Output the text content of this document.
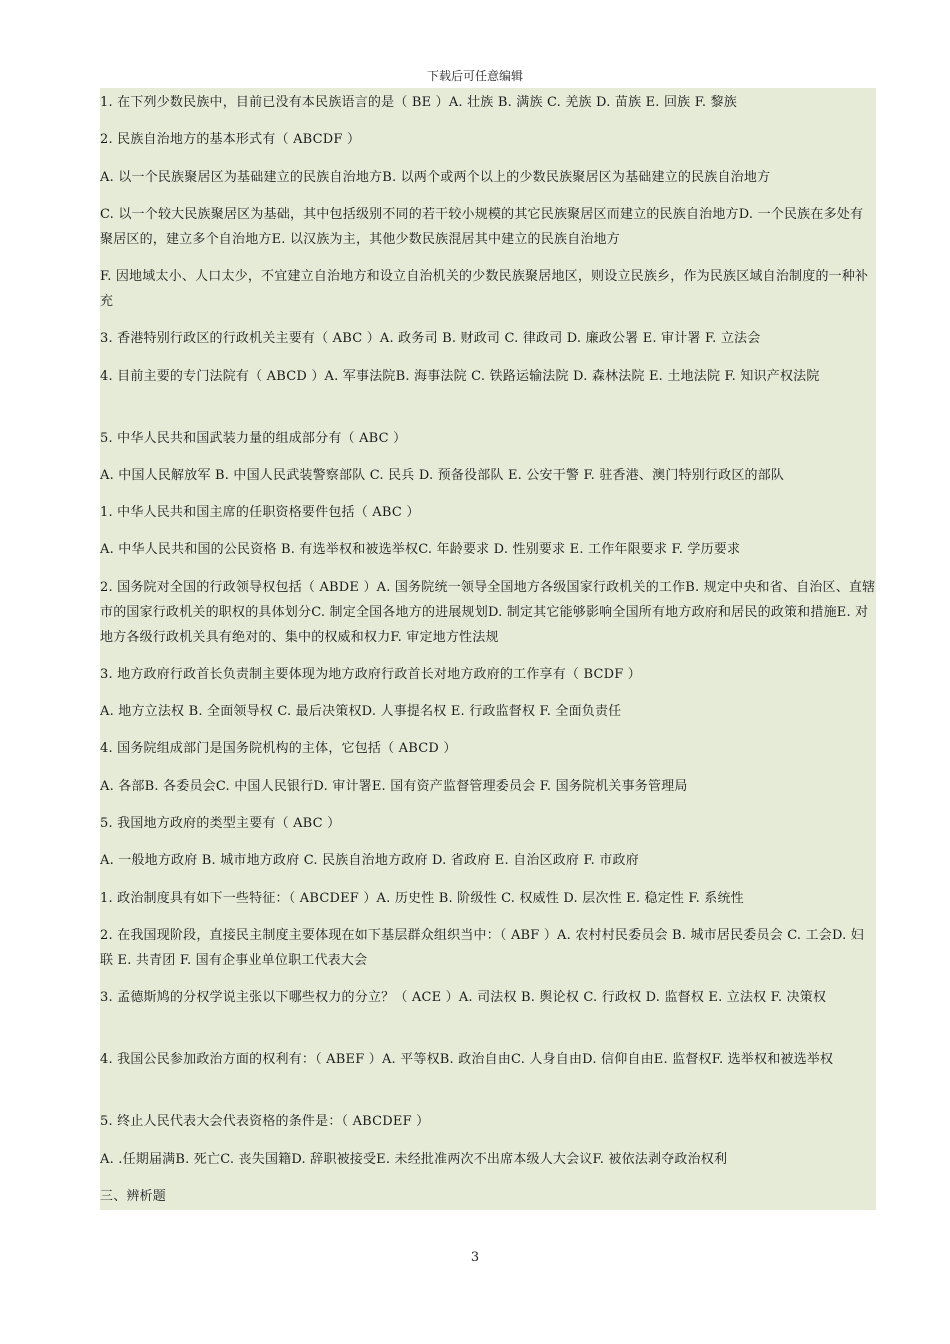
下载后可任意编辑
1. 在下列少数民族中，目前已没有本民族语言的是（ BE ）A. 壮族 B. 满族 C. 羌族 D. 苗族 E. 回族 F. 黎族
2. 民族自治地方的基本形式有（ ABCDF ）
A. 以一个民族聚居区为基础建立的民族自治地方B. 以两个或两个以上的少数民族聚居区为基础建立的民族自治地方
C. 以一个较大民族聚居区为基础，其中包括级别不同的若干较小规模的其它民族聚居区而建立的民族自治地方D. 一个民族在多处有聚居区的，建立多个自治地方E. 以汉族为主，其他少数民族混居其中建立的民族自治地方
F. 因地域太小、人口太少，不宜建立自治地方和设立自治机关的少数民族聚居地区，则设立民族乡，作为民族区域自治制度的一种补充
3. 香港特别行政区的行政机关主要有（ ABC ）A. 政务司 B. 财政司 C. 律政司 D. 廉政公署 E. 审计署 F. 立法会
4. 目前主要的专门法院有（ ABCD ）A. 军事法院B. 海事法院 C. 铁路运输法院 D. 森林法院 E. 土地法院 F. 知识产权法院
5. 中华人民共和国武装力量的组成部分有（ ABC ）
A. 中国人民解放军 B. 中国人民武装警察部队 C. 民兵 D. 预备役部队 E. 公安干警 F. 驻香港、澳门特别行政区的部队
1. 中华人民共和国主席的任职资格要件包括（ ABC ）
A. 中华人民共和国的公民资格 B. 有选举权和被选举权C. 年龄要求 D. 性别要求 E. 工作年限要求 F. 学历要求
2. 国务院对全国的行政领导权包括（ ABDE ）A. 国务院统一领导全国地方各级国家行政机关的工作B. 规定中央和省、自治区、直辖市的国家行政机关的职权的具体划分C. 制定全国各地方的进展规划D. 制定其它能够影响全国所有地方政府和居民的政策和措施E. 对地方各级行政机关具有绝对的、集中的权威和权力F. 审定地方性法规
3. 地方政府行政首长负责制主要体现为地方政府行政首长对地方政府的工作享有（ BCDF ）
A. 地方立法权 B. 全面领导权 C. 最后决策权D. 人事提名权 E. 行政监督权 F. 全面负责任
4. 国务院组成部门是国务院机构的主体，它包括（ ABCD ）
A. 各部B. 各委员会C. 中国人民银行D. 审计署E. 国有资产监督管理委员会 F. 国务院机关事务管理局
5. 我国地方政府的类型主要有（ ABC ）
A. 一般地方政府 B. 城市地方政府 C. 民族自治地方政府 D. 省政府 E. 自治区政府 F. 市政府
1. 政治制度具有如下一些特征：（ ABCDEF ）A. 历史性 B. 阶级性 C. 权威性 D. 层次性 E. 稳定性 F. 系统性
2. 在我国现阶段，直接民主制度主要体现在如下基层群众组织当中：（ ABF ）A. 农村村民委员会 B. 城市居民委员会 C. 工会D. 妇联 E. 共青团 F. 国有企事业单位职工代表大会
3. 孟德斯鸠的分权学说主张以下哪些权力的分立？（ ACE ）A. 司法权 B. 舆论权 C. 行政权 D. 监督权 E. 立法权 F. 决策权
4. 我国公民参加政治方面的权利有：（ ABEF ）A. 平等权B. 政治自由C. 人身自由D. 信仰自由E. 监督权F. 选举权和被选举权
5. 终止人民代表大会代表资格的条件是：（ ABCDEF ）
A. .任期届满B. 死亡C. 丧失国籍D. 辞职被接受E. 未经批准两次不出席本级人大会议F. 被依法剥夺政治权利
三、辨析题
3
